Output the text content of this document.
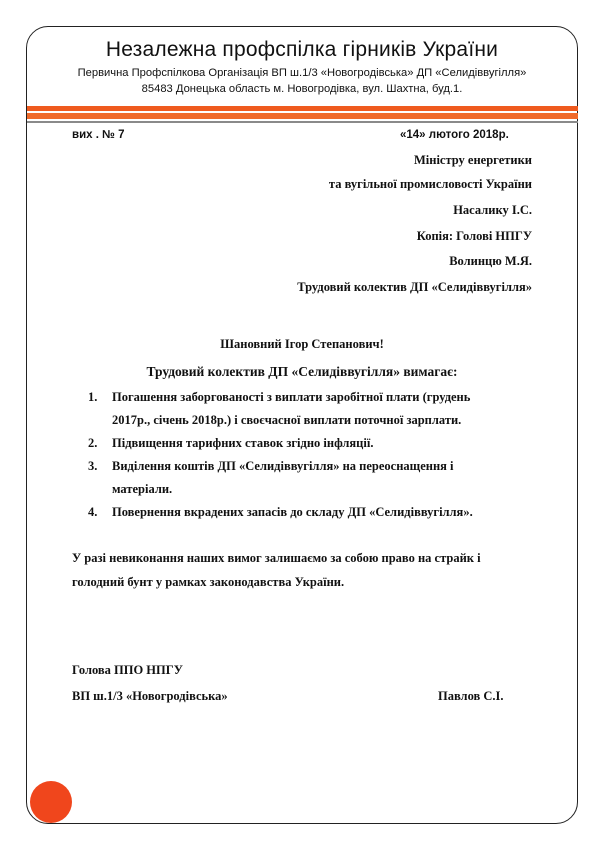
Незалежна профспілка гірників України
Первична Профспілкова Організація ВП ш.1/3 «Новогродівська» ДП «Селидіввугілля»
85483 Донецька область м. Новогродівка, вул. Шахтна, буд.1.
вих . № 7	«14» лютого 2018р.
Міністру енергетики
та вугільної промисловості України
Насалику І.С.
Копія: Голові НПГУ
Волинцю М.Я.
Трудовий колектив ДП «Селидіввугілля»
Шановний Ігор Степанович!
Трудовий колектив ДП «Селидіввугілля» вимагає:
1. Погашення заборгованості з виплати заробітної плати (грудень
2017р., січень 2018р.) і своєчасної виплати поточної зарплати.
2. Підвищення тарифних ставок згідно інфляції.
3. Виділення коштів ДП «Селидіввугілля» на переоснащення і
матеріали.
4. Повернення вкрадених запасів до складу ДП «Селидіввугілля».
У разі невиконання наших вимог залишаємо за собою право на страйк і
голодний бунт у рамках законодавства України.
Голова ППО НПГУ
ВП ш.1/3 «Новогродівська»	Павлов С.І.
